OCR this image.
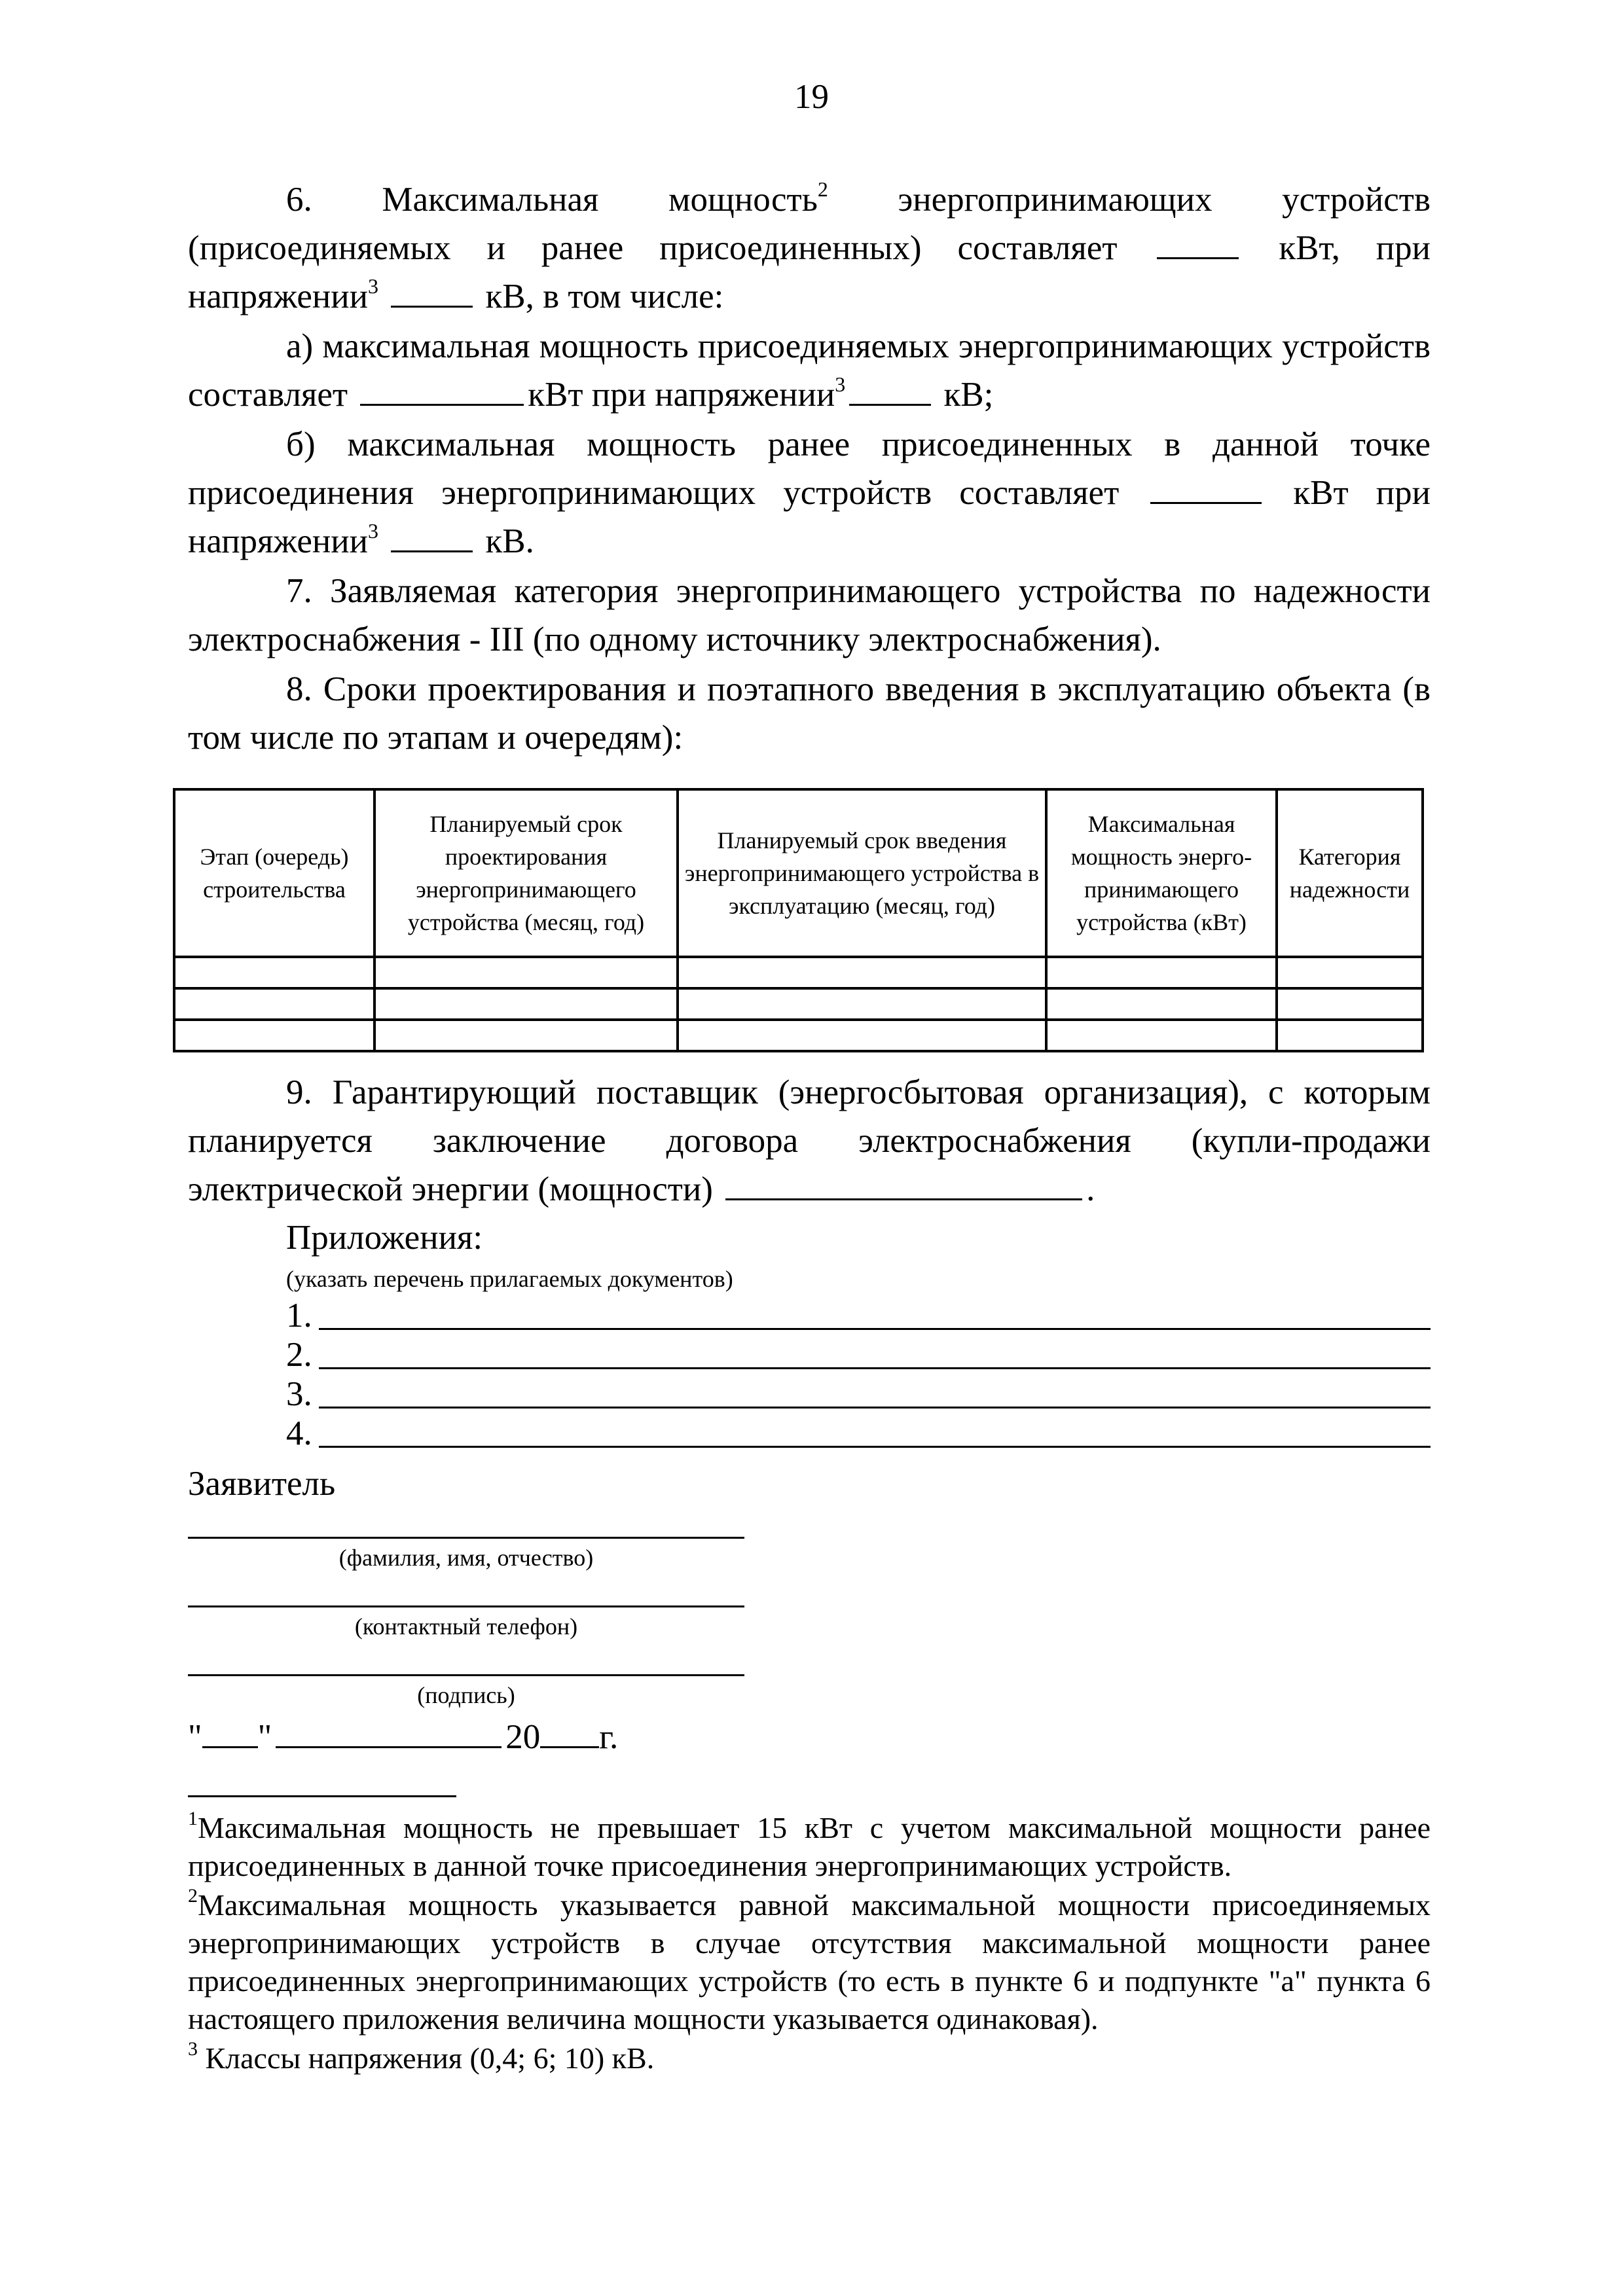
19

6. Максимальная мощность$^2$ энергопринимающих устройств (присоединяемых и ранее присоединенных) составляет	кВт, при напряжении$^3$	кВ, в том числе:

а) максимальная мощность присоединяемых энергопринимающих устройств составляет	кВт при напряжении$^3$	кВ;

б) максимальная мощность ранее присоединенных в данной точке присоединения энергопринимающих устройств составляет	кВт при напряжении$^3$	кВ.

7. Заявляемая категория энергопринимающего устройства по надежности электроснабжения - III (по одному источнику электроснабжения).

8. Сроки проектирования и поэтапного введения в эксплуатацию объекта (в том числе по этапам и очередям):

Этап (очередь) строительства	Планируемый срок проектирования энергопринимающего устройства (месяц, год)	Планируемый срок введения энергопринимающего устройства в эксплуатацию (месяц, год)	Максимальная мощность энерго- принимающего устройства (кВт)	Категория надежности

9. Гарантирующий поставщик (энергосбытовая организация), с которым планируется заключение договора электроснабжения (купли-продажи электрической энергии (мощности)	.

Приложения:
(указать перечень прилагаемых документов)
1.
2.
3.
4.
Заявитель
(фамилия, имя, отчество)
(контактный телефон)
(подпись)
" "	20 г.

$^1$Максимальная мощность не превышает 15 кВт с учетом максимальной мощности ранее присоединенных в данной точке присоединения энергопринимающих устройств.

$^2$Максимальная мощность указывается равной максимальной мощности присоединяемых энергопринимающих устройств в случае отсутствия максимальной мощности ранее присоединенных энергопринимающих устройств (то есть в пункте 6 и подпункте "а" пункта 6 настоящего приложения величина мощности указывается одинаковая).

$^3$ Классы напряжения (0,4; 6; 10) кВ.
